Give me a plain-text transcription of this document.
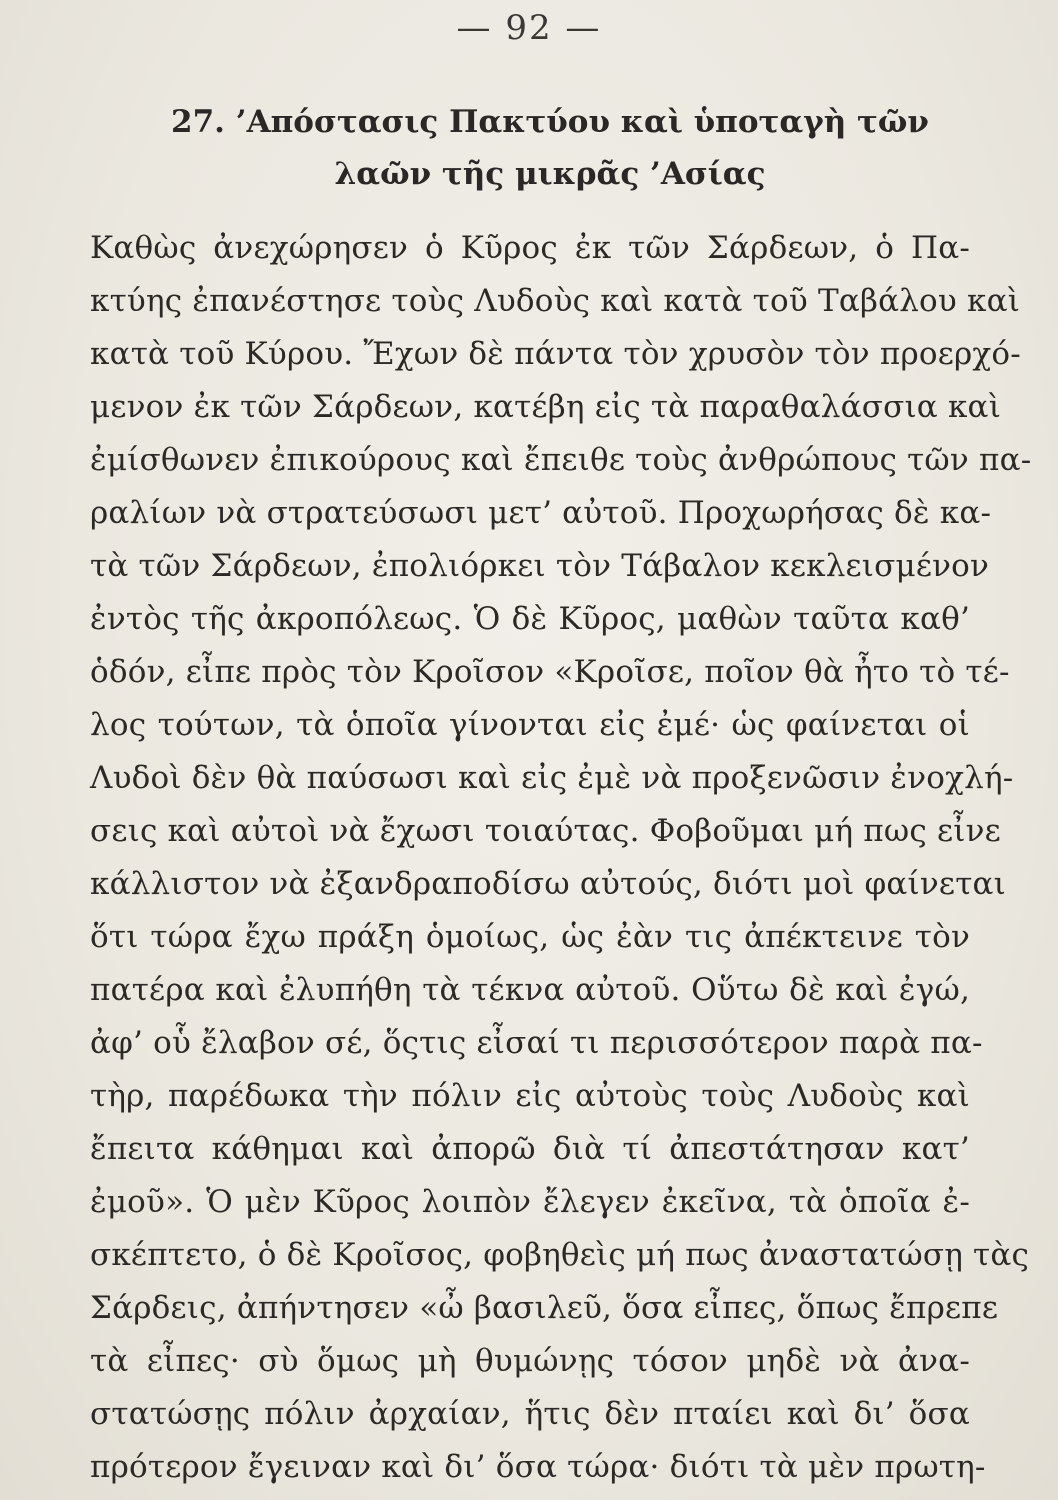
— 92 —
27. ’Απόστασις Πακτύου καὶ ὑποταγὴ τῶν
λαῶν τῆς μικρᾶς ’Ασίας
Καθὼς ἀνεχώρησεν ὁ Κῦρος ἐκ τῶν Σάρδεων, ὁ Πα-
κτύης ἐπανέστησε τοὺς Λυδοὺς καὶ κατὰ τοῦ Ταβάλου καὶ
κατὰ τοῦ Κύρου. Ἔχων δὲ πάντα τὸν χρυσὸν τὸν προερχό-
μενον ἐκ τῶν Σάρδεων, κατέβη εἰς τὰ παραθαλάσσια καὶ
ἐμίσθωνεν ἐπικούρους καὶ ἔπειθε τοὺς ἀνθρώπους τῶν πα-
ραλίων νὰ στρατεύσωσι μετ’ αὐτοῦ. Προχωρήσας δὲ κα-
τὰ τῶν Σάρδεων, ἐπολιόρκει τὸν Τάβαλον κεκλεισμένον
ἐντὸς τῆς ἀκροπόλεως. Ὁ δὲ Κῦρος, μαθὼν ταῦτα καθ’
ὁδόν, εἶπε πρὸς τὸν Κροῖσον «Κροῖσε, ποῖον θὰ ἦτο τὸ τέ-
λος τούτων, τὰ ὁποῖα γίνονται εἰς ἐμέ· ὡς φαίνεται οἱ
Λυδοὶ δὲν θὰ παύσωσι καὶ εἰς ἐμὲ νὰ προξενῶσιν ἐνοχλή-
σεις καὶ αὐτοὶ νὰ ἔχωσι τοιαύτας. Φοβοῦμαι μή πως εἶνε
κάλλιστον νὰ ἐξανδραποδίσω αὐτούς, διότι μοὶ φαίνεται
ὅτι τώρα ἔχω πράξη ὁμοίως, ὡς ἐὰν τις ἀπέκτεινε τὸν
πατέρα καὶ ἐλυπήθη τὰ τέκνα αὐτοῦ. Οὕτω δὲ καὶ ἐγώ,
ἀφ’ οὗ ἔλαβον σέ, ὅςτις εἶσαί τι περισσότερον παρὰ πα-
τὴρ, παρέδωκα τὴν πόλιν εἰς αὐτοὺς τοὺς Λυδοὺς καὶ
ἔπειτα κάθημαι καὶ ἀπορῶ διὰ τί ἀπεστάτησαν κατ’
ἐμοῦ». Ὁ μὲν Κῦρος λοιπὸν ἔλεγεν ἐκεῖνα, τὰ ὁποῖα ἐ-
σκέπτετο, ὁ δὲ Κροῖσος, φοβηθεὶς μή πως ἀναστατώσῃ τὰς
Σάρδεις, ἀπήντησεν «ὦ βασιλεῦ, ὅσα εἶπες, ὅπως ἔπρεπε
τὰ εἶπες· σὺ ὅμως μὴ θυμώνῃς τόσον μηδὲ νὰ ἀνα-
στατώσῃς πόλιν ἀρχαίαν, ἥτις δὲν πταίει καὶ δι’ ὅσα
πρότερον ἔγειναν καὶ δι’ ὅσα τώρα· διότι τὰ μὲν πρωτη-
